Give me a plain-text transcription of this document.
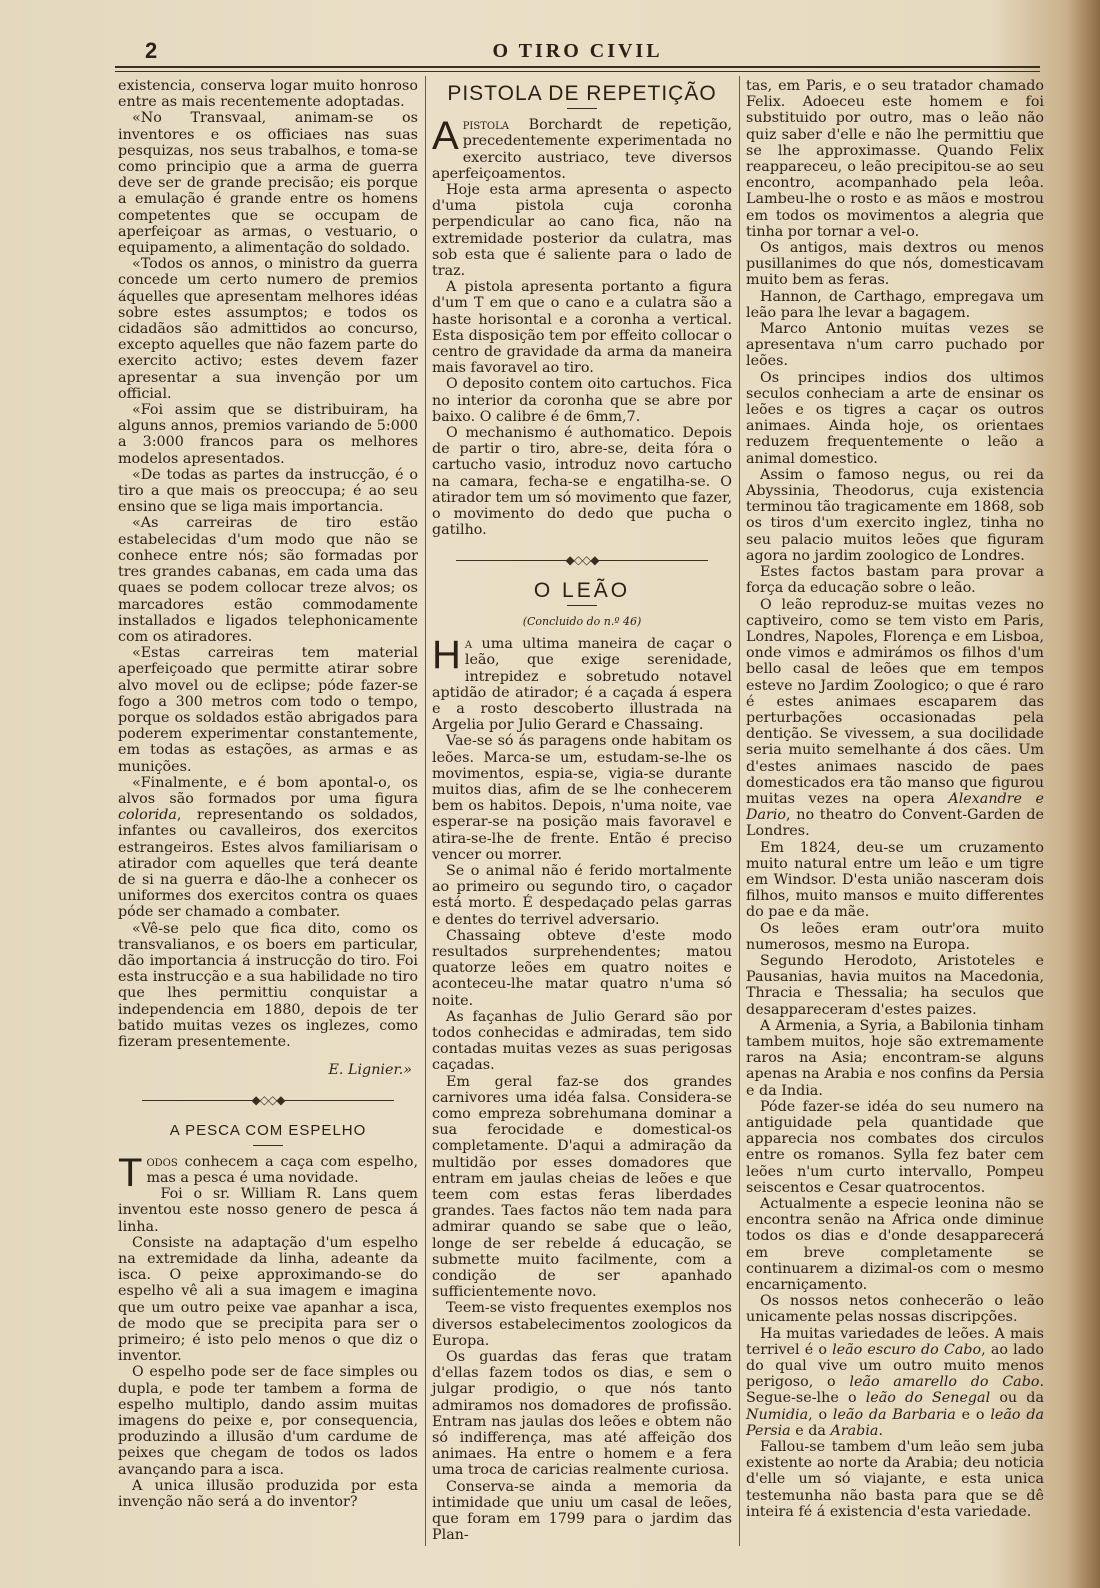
2	O TIRO CIVIL

existencia, conserva logar muito honroso entre as mais recentemente adoptadas.

«No Transvaal, animam-se os inventores e os officiaes nas suas pesquizas, nos seus trabalhos, e toma-se como principio que a arma de guerra deve ser de grande precisão; eis porque a emulação é grande entre os homens competentes que se occupam de aperfeiçoar as armas, o vestuario, o equipamento, a alimentação do soldado.

«Todos os annos, o ministro da guerra concede um certo numero de premios áquelles que apresentam melhores idéas sobre estes assumptos; e todos os cidadãos são admittidos ao concurso, excepto aquelles que não fazem parte do exercito activo; estes devem fazer apresentar a sua invenção por um official.

«Foi assim que se distribuiram, ha alguns annos, premios variando de 5:000 a 3:000 francos para os melhores modelos apresentados.

«De todas as partes da instrucção, é o tiro a que mais os preoccupa; é ao seu ensino que se liga mais importancia.

«As carreiras de tiro estão estabelecidas d'um modo que não se conhece entre nós; são formadas por tres grandes cabanas, em cada uma das quaes se podem collocar treze alvos; os marcadores estão commodamente installados e ligados telephonicamente com os atiradores.

«Estas carreiras tem material aperfeiçoado que permitte atirar sobre alvo movel ou de eclipse; póde fazer-se fogo a 300 metros com todo o tempo, porque os soldados estão abrigados para poderem experimentar constantemente, em todas as estações, as armas e as munições.

«Finalmente, e é bom apontal-o, os alvos são formados por uma figura colorida, representando os soldados, infantes ou cavalleiros, dos exercitos estrangeiros. Estes alvos familiarisam o atirador com aquelles que terá deante de si na guerra e dão-lhe a conhecer os uniformes dos exercitos contra os quaes póde ser chamado a combater.

«Vê-se pelo que fica dito, como os transvalianos, e os boers em particular, dão importancia á instrucção do tiro. Foi esta instrucção e a sua habilidade no tiro que lhes permittiu conquistar a independencia em 1880, depois de ter batido muitas vezes os inglezes, como fizeram presentemente.

E. Lignier.»
◆◇◇◆
A PESCA COM ESPELHO

Todos conhecem a caça com espelho, mas a pesca é uma novidade.

Foi o sr. William R. Lans quem inventou este nosso genero de pesca á linha.

Consiste na adaptação d'um espelho na extremidade da linha, adeante da isca. O peixe approximando-se do espelho vê ali a sua imagem e imagina que um outro peixe vae apanhar a isca, de modo que se precipita para ser o primeiro; é isto pelo menos o que diz o inventor.

O espelho pode ser de face simples ou dupla, e pode ter tambem a forma de espelho multiplo, dando assim muitas imagens do peixe e, por consequencia, produzindo a illusão d'um cardume de peixes que chegam de todos os lados avançando para a isca.

A unica illusão produzida por esta invenção não será a do inventor?

PISTOLA DE REPETIÇÃO

Apistola Borchardt de repetição, precedentemente experimentada no exercito austriaco, teve diversos aperfeiçoamentos.

Hoje esta arma apresenta o aspecto d'uma pistola cuja coronha perpendicular ao cano fica, não na extremidade posterior da culatra, mas sob esta que é saliente para o lado de traz.

A pistola apresenta portanto a figura d'um T em que o cano e a culatra são a haste horisontal e a coronha a vertical. Esta disposição tem por effeito collocar o centro de gravidade da arma da maneira mais favoravel ao tiro.

O deposito contem oito cartuchos. Fica no interior da coronha que se abre por baixo. O calibre é de 6mm,7.

O mechanismo é authomatico. Depois de partir o tiro, abre-se, deita fóra o cartucho vasio, introduz novo cartucho na camara, fecha-se e engatilha-se. O atirador tem um só movimento que fazer, o movimento do dedo que pucha o gatilho.

◆◇◇◆
O LEÃO
(Concluido do n.º 46)

Ha uma ultima maneira de caçar o leão, que exige serenidade, intrepidez e sobretudo notavel aptidão de atirador; é a caçada á espera e a rosto descoberto illustrada na Argelia por Julio Gerard e Chassaing.

Vae-se só ás paragens onde habitam os leões. Marca-se um, estudam-se-lhe os movimentos, espia-se, vigia-se durante muitos dias, afim de se lhe conhecerem bem os habitos. Depois, n'uma noite, vae esperar-se na posição mais favoravel e atira-se-lhe de frente. Então é preciso vencer ou morrer.

Se o animal não é ferido mortalmente ao primeiro ou segundo tiro, o caçador está morto. É despedaçado pelas garras e dentes do terrivel adversario.

Chassaing obteve d'este modo resultados surprehendentes; matou quatorze leões em quatro noites e aconteceu-lhe matar quatro n'uma só noite.

As façanhas de Julio Gerard são por todos conhecidas e admiradas, tem sido contadas muitas vezes as suas perigosas caçadas.

Em geral faz-se dos grandes carnivores uma idéa falsa. Considera-se como empreza sobrehumana dominar a sua ferocidade e domestical-os completamente. D'aqui a admiração da multidão por esses domadores que entram em jaulas cheias de leões e que teem com estas feras liberdades grandes. Taes factos não tem nada para admirar quando se sabe que o leão, longe de ser rebelde á educação, se submette muito facilmente, com a condição de ser apanhado sufficientemente novo.

Teem-se visto frequentes exemplos nos diversos estabelecimentos zoologicos da Europa.

Os guardas das feras que tratam d'ellas fazem todos os dias, e sem o julgar prodigio, o que nós tanto admiramos nos domadores de profissão. Entram nas jaulas dos leões e obtem não só indifferença, mas até affeição dos animaes. Ha entre o homem e a fera uma troca de caricias realmente curiosa.

Conserva-se ainda a memoria da intimidade que uniu um casal de leões, que foram em 1799 para o jardim das Plan-

tas, em Paris, e o seu tratador chamado Felix. Adoeceu este homem e foi substituido por outro, mas o leão não quiz saber d'elle e não lhe permittiu que se lhe approximasse. Quando Felix reappareceu, o leão precipitou-se ao seu encontro, acompanhado pela leôa. Lambeu-lhe o rosto e as mãos e mostrou em todos os movimentos a alegria que tinha por tornar a vel-o.

Os antigos, mais dextros ou menos pusillanimes do que nós, domesticavam muito bem as feras.

Hannon, de Carthago, empregava um leão para lhe levar a bagagem.

Marco Antonio muitas vezes se apresentava n'um carro puchado por leões.

Os principes indios dos ultimos seculos conheciam a arte de ensinar os leões e os tigres a caçar os outros animaes. Ainda hoje, os orientaes reduzem frequentemente o leão a animal domestico.

Assim o famoso negus, ou rei da Abyssinia, Theodorus, cuja existencia terminou tão tragicamente em 1868, sob os tiros d'um exercito inglez, tinha no seu palacio muitos leões que figuram agora no jardim zoologico de Londres.

Estes factos bastam para provar a força da educação sobre o leão.

O leão reproduz-se muitas vezes no captiveiro, como se tem visto em Paris, Londres, Napoles, Florença e em Lisboa, onde vimos e admirámos os filhos d'um bello casal de leões que em tempos esteve no Jardim Zoologico; o que é raro é estes animaes escaparem das perturbações occasionadas pela dentição. Se vivessem, a sua docilidade seria muito semelhante á dos cães. Um d'estes animaes nascido de paes domesticados era tão manso que figurou muitas vezes na opera Alexandre e Dario, no theatro do Convent-Garden de Londres.

Em 1824, deu-se um cruzamento muito natural entre um leão e um tigre em Windsor. D'esta união nasceram dois filhos, muito mansos e muito differentes do pae e da mãe.

Os leões eram outr'ora muito numerosos, mesmo na Europa.

Segundo Herodoto, Aristoteles e Pausanias, havia muitos na Macedonia, Thracia e Thessalia; ha seculos que desappareceram d'estes paizes.

A Armenia, a Syria, a Babilonia tinham tambem muitos, hoje são extremamente raros na Asia; encontram-se alguns apenas na Arabia e nos confins da Persia e da India.

Póde fazer-se idéa do seu numero na antiguidade pela quantidade que apparecia nos combates dos circulos entre os romanos. Sylla fez bater cem leões n'um curto intervallo, Pompeu seiscentos e Cesar quatrocentos.

Actualmente a especie leonina não se encontra senão na Africa onde diminue todos os dias e d'onde desapparecerá em breve completamente se continuarem a dizimal-os com o mesmo encarniçamento.

Os nossos netos conhecerão o leão unicamente pelas nossas discripções.

Ha muitas variedades de leões. A mais terrivel é o leão escuro do Cabo, ao lado do qual vive um outro muito menos perigoso, o leão amarello do Cabo. Segue-se-lhe o leão do Senegal ou da Numidia, o leão da Barbaria e o leão da Persia e da Arabia.

Fallou-se tambem d'um leão sem juba existente ao norte da Arabia; deu noticia d'elle um só viajante, e esta unica testemunha não basta para que se dê inteira fé á existencia d'esta variedade.
